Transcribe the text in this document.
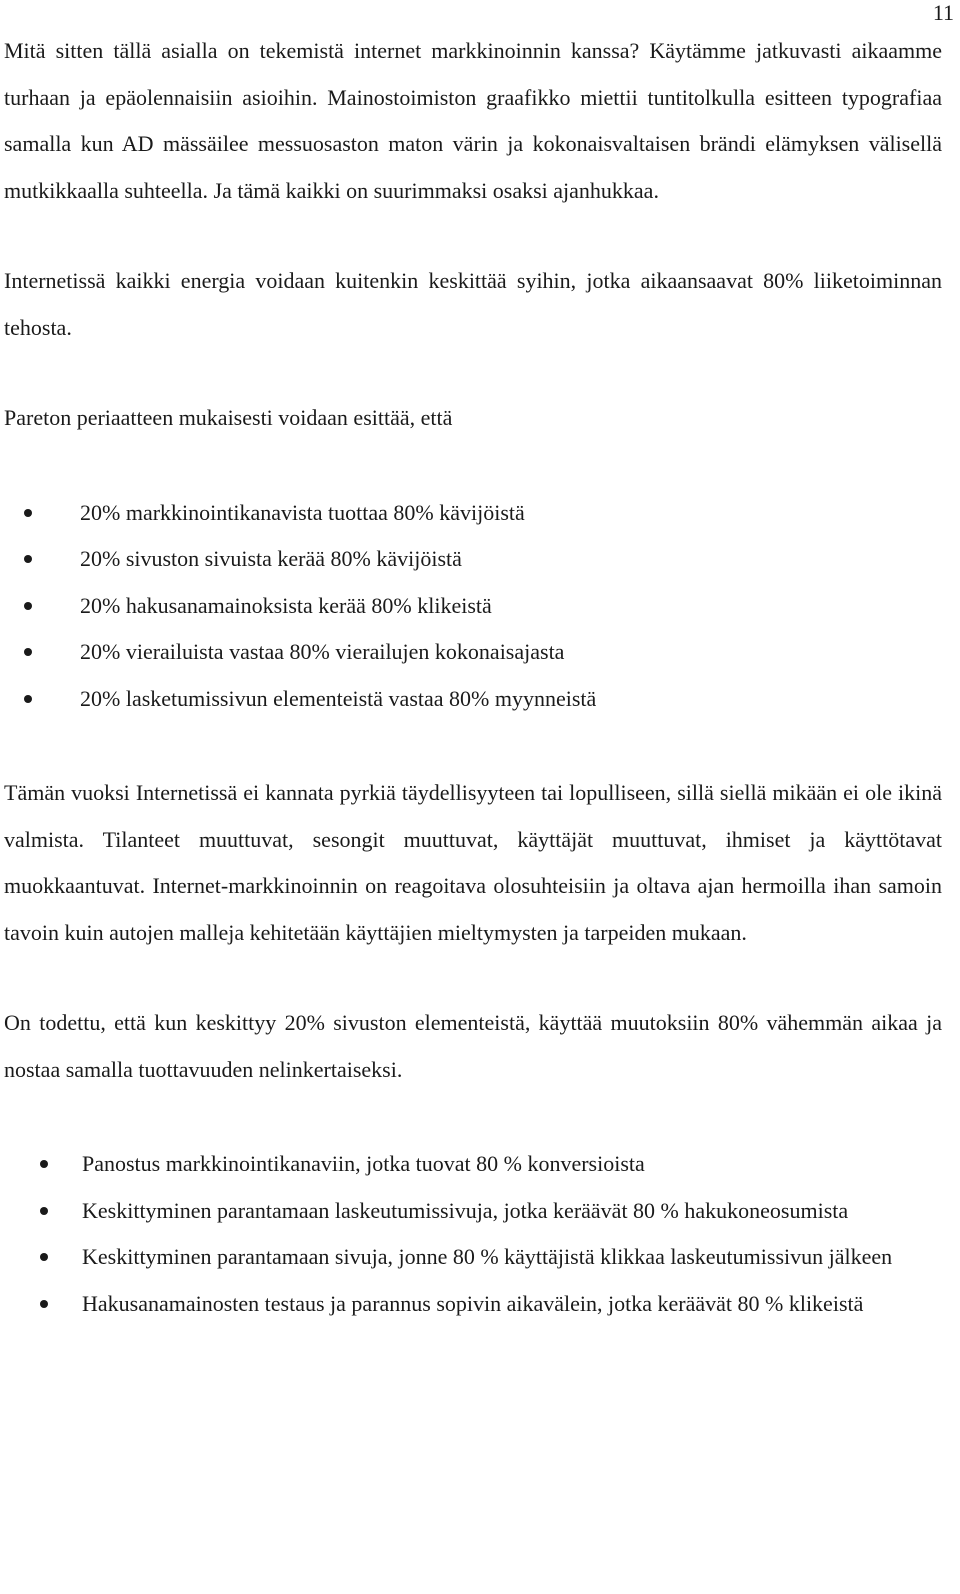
11

Mitä sitten tällä asialla on tekemistä internet markkinoinnin kanssa? Käytämme jatkuvasti aikaamme turhaan ja epäolennaisiin asioihin. Mainostoimiston graafikko miettii tuntitolkulla esitteen typografiaa samalla kun AD mässäilee messuosaston maton värin ja kokonaisvaltaisen brändi elämyksen välisellä mutkikkaalla suhteella. Ja tämä kaikki on suurimmaksi osaksi ajanhukkaa.

Internetissä kaikki energia voidaan kuitenkin keskittää syihin, jotka aikaansaavat 80% liiketoiminnan tehosta.

Pareton periaatteen mukaisesti voidaan esittää, että

20% markkinointikanavista tuottaa 80% kävijöistä
20% sivuston sivuista kerää 80% kävijöistä
20% hakusanamainoksista kerää 80% klikeistä
20% vierailuista vastaa 80% vierailujen kokonaisajasta
20% lasketumissivun elementeistä vastaa 80% myynneistä

Tämän vuoksi Internetissä ei kannata pyrkiä täydellisyyteen tai lopulliseen, sillä siellä mikään ei ole ikinä valmista. Tilanteet muuttuvat, sesongit muuttuvat, käyttäjät muuttuvat, ihmiset ja käyttötavat muokkaantuvat. Internet-markkinoinnin on reagoitava olosuhteisiin ja oltava ajan hermoilla ihan samoin tavoin kuin autojen malleja kehitetään käyttäjien mieltymysten ja tarpeiden mukaan.

On todettu, että kun keskittyy 20% sivuston elementeistä, käyttää muutoksiin 80% vähemmän aikaa ja nostaa samalla tuottavuuden nelinkertaiseksi.

Panostus markkinointikanaviin, jotka tuovat 80 % konversioista
Keskittyminen parantamaan laskeutumissivuja, jotka keräävät 80 % hakukoneosumista
Keskittyminen parantamaan sivuja, jonne 80 % käyttäjistä klikkaa laskeutumissivun jälkeen
Hakusanamainosten testaus ja parannus sopivin aikavälein, jotka keräävät 80 % klikeistä
